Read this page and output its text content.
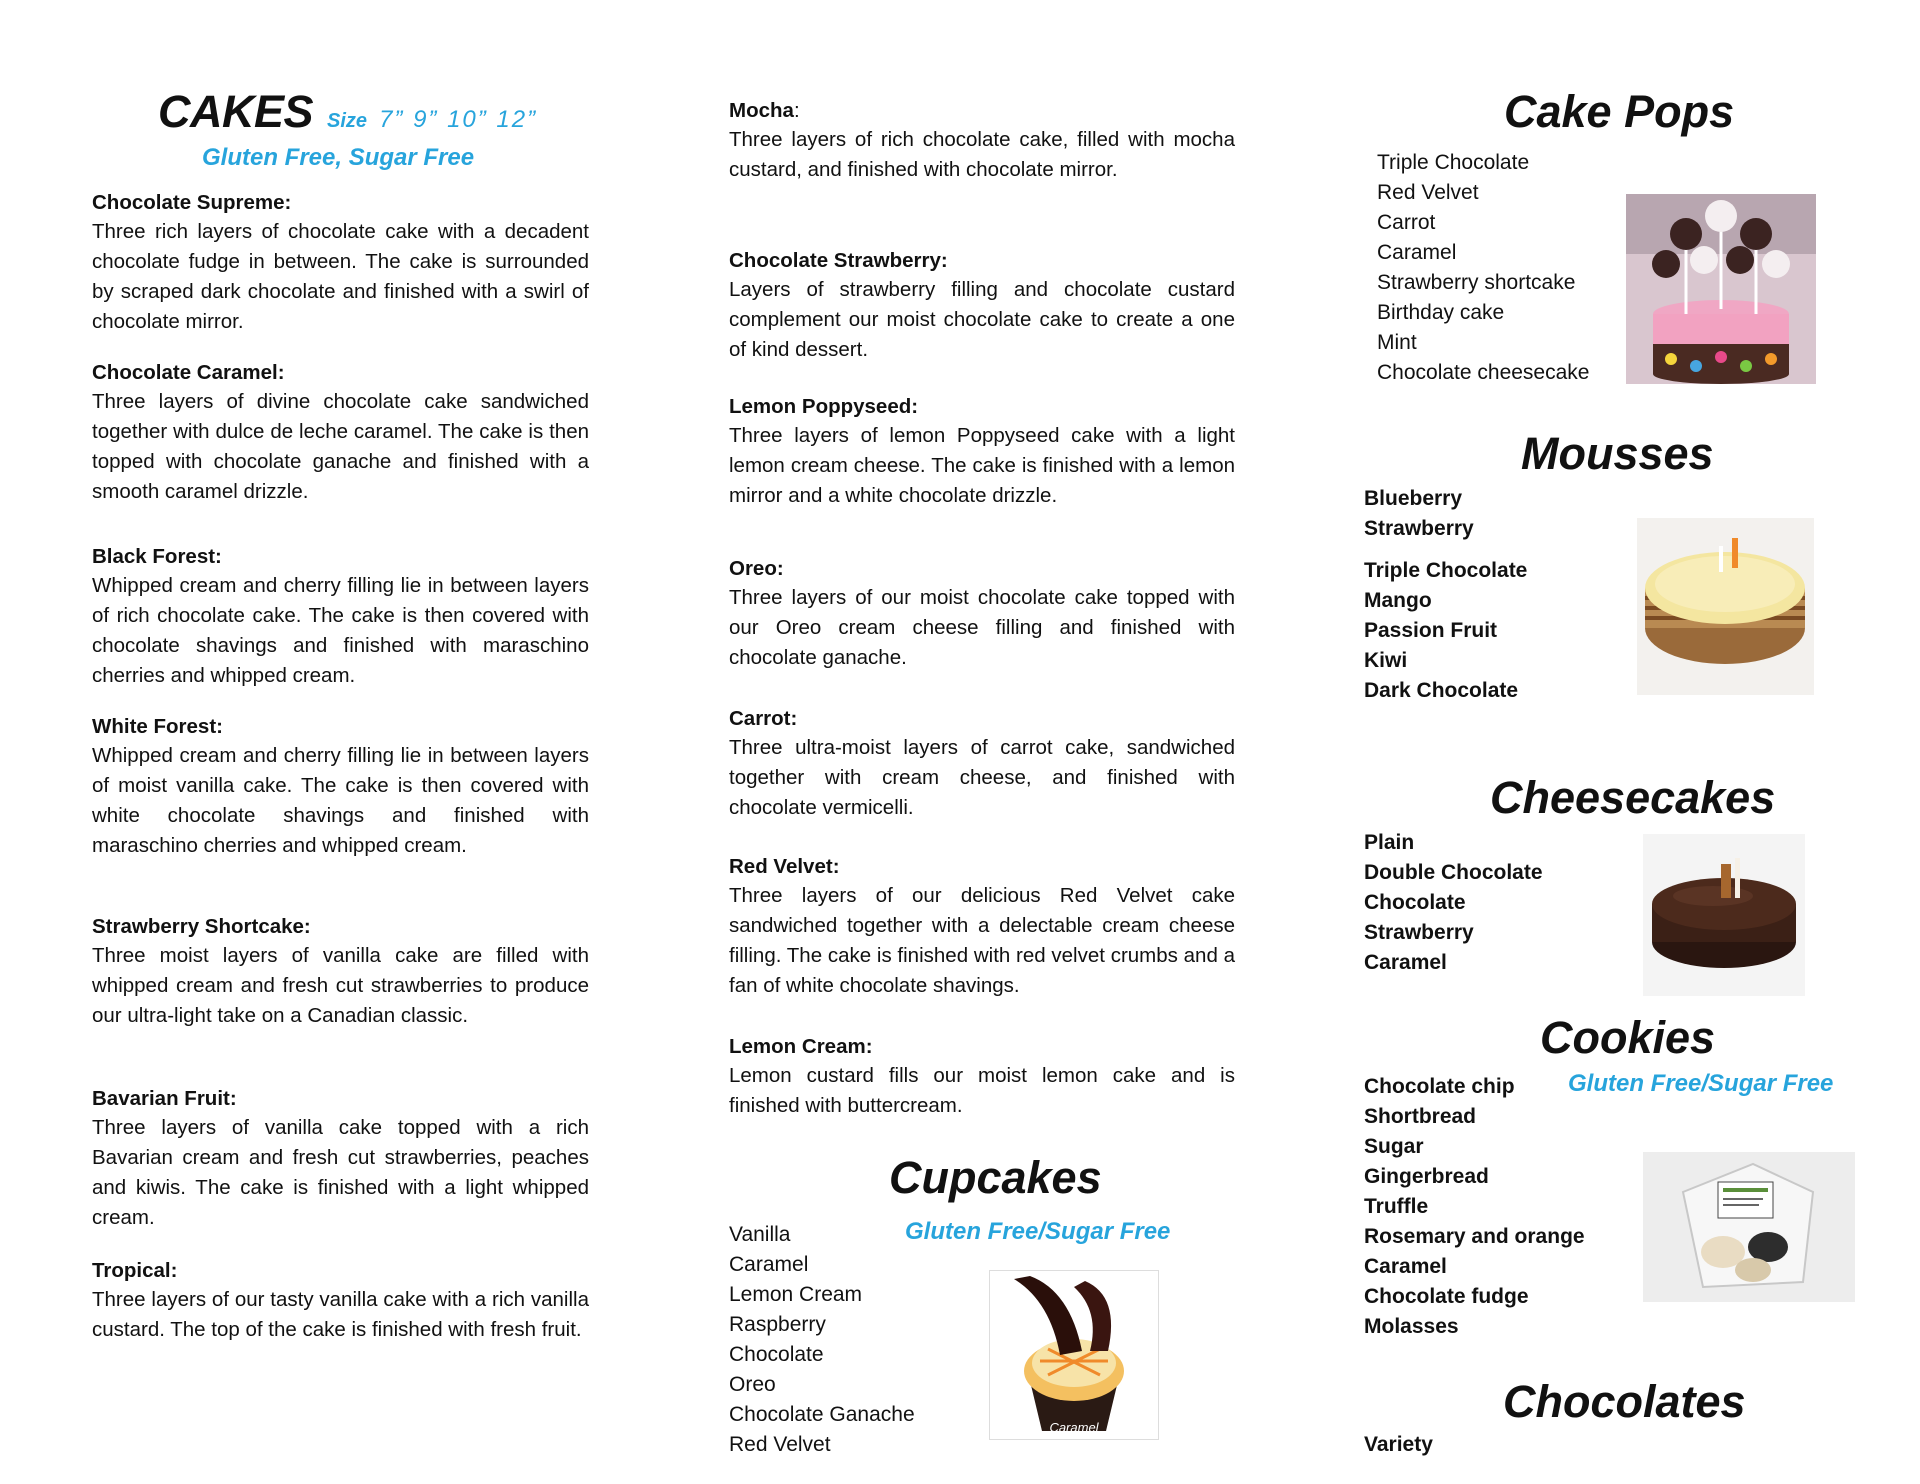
CAKES Size 7” 9” 10” 12”
Gluten Free, Sugar Free

Chocolate Supreme:

Three rich layers of chocolate cake with a decadent chocolate fudge in between. The cake is surrounded by scraped dark chocolate and finished with a swirl of chocolate mirror.

Chocolate Caramel:

Three layers of divine chocolate cake sandwiched together with dulce de leche caramel. The cake is then topped with chocolate ganache and finished with a smooth caramel drizzle.

Black Forest:

Whipped cream and cherry filling lie in between layers of rich chocolate cake. The cake is then covered with chocolate shavings and finished with maraschino cherries and whipped cream.

White Forest:

Whipped cream and cherry filling lie in between layers of moist vanilla cake. The cake is then covered with white chocolate shavings and finished with maraschino cherries and whipped cream.

Strawberry Shortcake:

Three moist layers of vanilla cake are filled with whipped cream and fresh cut strawberries to produce our ultra-light take on a Canadian classic.

Bavarian Fruit:

Three layers of vanilla cake topped with a rich Bavarian cream and fresh cut strawberries, peaches and kiwis. The cake is finished with a light whipped cream.

Tropical:

Three layers of our tasty vanilla cake with a rich vanilla custard. The top of the cake is finished with fresh fruit.

Mocha:

Three layers of rich chocolate cake, filled with mocha custard, and finished with chocolate mirror.

Chocolate Strawberry:

Layers of strawberry filling and chocolate custard complement our moist chocolate cake to create a one of kind dessert.

Lemon Poppyseed:

Three layers of lemon Poppyseed cake with a light lemon cream cheese. The cake is finished with a lemon mirror and a white chocolate drizzle.

Oreo:

Three layers of our moist chocolate cake topped with our Oreo cream cheese filling and finished with chocolate ganache.

Carrot:

Three ultra-moist layers of carrot cake, sandwiched together with cream cheese, and finished with chocolate vermicelli.

Red Velvet:

Three layers of our delicious Red Velvet cake sandwiched together with a delectable cream cheese filling. The cake is finished with red velvet crumbs and a fan of white chocolate shavings.

Lemon Cream:

Lemon custard fills our moist lemon cake and is finished with buttercream.

Cupcakes
Gluten Free/Sugar Free
Vanilla
Caramel
Lemon Cream
Raspberry
Chocolate
Oreo
Chocolate Ganache
Red Velvet
Caramel
Cake Pops
Triple Chocolate
Red Velvet
Carrot
Caramel
Strawberry shortcake
Birthday cake
Mint
Chocolate cheesecake
Mousses
Blueberry
Strawberry
Triple Chocolate
Mango
Passion Fruit
Kiwi
Dark Chocolate
Cheesecakes
Plain
Double Chocolate
Chocolate
Strawberry
Caramel
Cookies
Gluten Free/Sugar Free
Chocolate chip
Shortbread
Sugar
Gingerbread
Truffle
Rosemary and orange
Caramel
Chocolate fudge
Molasses
Chocolates
Variety
